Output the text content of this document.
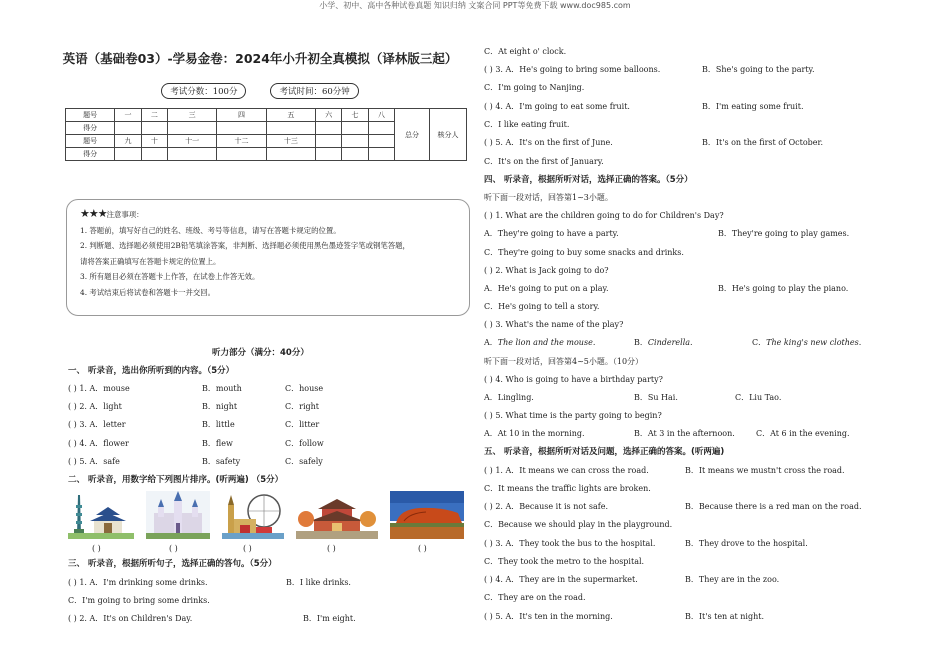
小学、初中、高中各种试卷真题 知识归纳 文案合同 PPT等免费下载 www.doc985.com
英语（基础卷03）-学易金卷：2024年小升初全真模拟（译林版三起）
考试分数：100分	考试时间：60分钟
题号	一	二	三	四	五	六	七	八	总分	核分人
得分										
题号	九	十	十一	十二	十三					
得分										
★★★注意事项：
1. 答题前，填写好自己的姓名、班级、考号等信息，请写在答题卡规定的位置。
2. 判断题、选择题必须使用2B铅笔填涂答案，非判断、选择题必须使用黑色墨迹签字笔或钢笔答题，
请将答案正确填写在答题卡规定的位置上。
3. 所有题目必须在答题卡上作答，在试卷上作答无效。
4. 考试结束后将试卷和答题卡一并交回。
听力部分（满分：40分）
一、 听录音，选出你所听到的内容。（5分）
( ) 1. A．mouse	B．mouth	C．house
( ) 2. A．light	B．night	C．right
( ) 3. A．letter	B．little	C．litter
( ) 4. A．flower	B．flew	C．follow
( ) 5. A．safe	B．safety	C．safely
二、 听录音，用数字给下列图片排序。(听两遍) （5分）
( )	( )	( )	( )	( )
三、 听录音，根据所听句子，选择正确的答句。（5分）
( ) 1. A．I'm drinking some drinks.	B．I like drinks.
C．I'm going to bring some drinks.
( ) 2. A．It's on Children's Day.	B．I'm eight.
C．At eight o' clock.
( ) 3. A．He's going to bring some balloons.	B．She's going to the party.
C．I'm going to Nanjing.
( ) 4. A．I'm going to eat some fruit.	B．I'm eating some fruit.
C．I like eating fruit.
( ) 5. A．It's on the first of June.	B．It's on the first of October.
C．It's on the first of January.
四、 听录音，根据所听对话，选择正确的答案。（5分）
听下面一段对话，回答第1~3小题。
( ) 1. What are the children going to do for Children's Day?
A．They're going to have a party.	B．They're going to play games.
C．They're going to buy some snacks and drinks.
( ) 2. What is Jack going to do?
A．He's going to put on a play.	B．He's going to play the piano.
C．He's going to tell a story.
( ) 3. What's the name of the play?
A．The lion and the mouse.	B．Cinderella.	C．The king's new clothes.
听下面一段对话，回答第4~5小题。（10分）
( ) 4. Who is going to have a birthday party?
A．Lingling.	B．Su Hai.	C．Liu Tao.
( ) 5. What time is the party going to begin?
A．At 10 in the morning.	B．At 3 in the afternoon.	C．At 6 in the evening.
五、 听录音，根据所听对话及问题，选择正确的答案。(听两遍)
( ) 1. A．It means we can cross the road.	B．It means we mustn't cross the road.
C．It means the traffic lights are broken.
( ) 2. A．Because it is not safe.	B．Because there is a red man on the road.
C．Because we should play in the playground.
( ) 3. A．They took the bus to the hospital.	B．They drove to the hospital.
C．They took the metro to the hospital.
( ) 4. A．They are in the supermarket.	B．They are in the zoo.
C．They are on the road.
( ) 5. A．It's ten in the morning.	B．It's ten at night.
